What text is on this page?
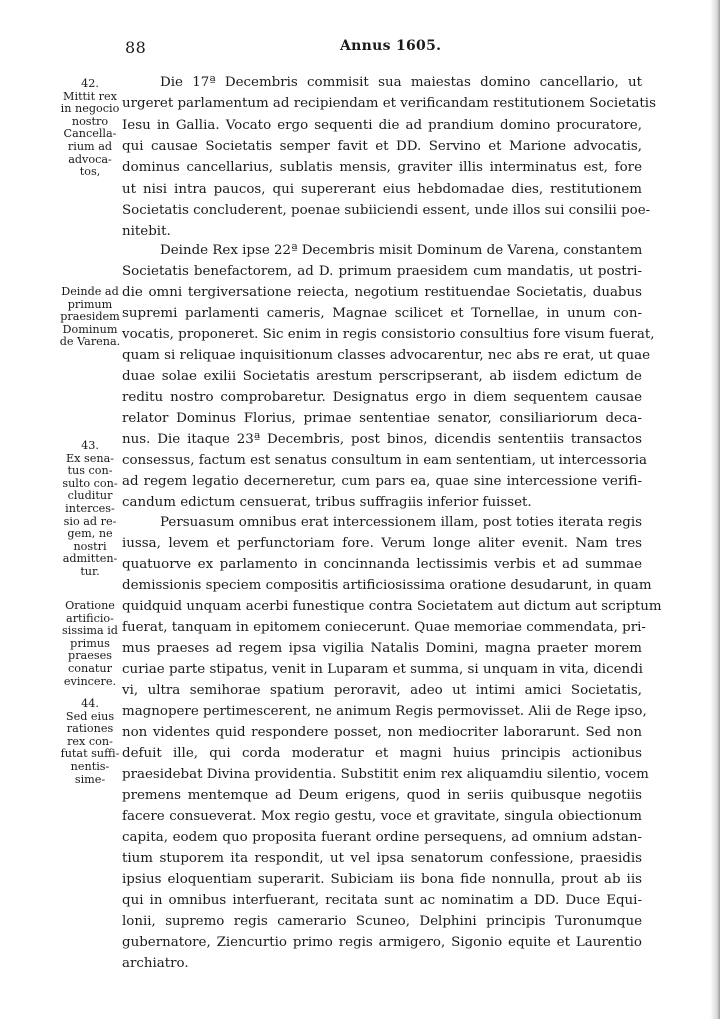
88	Annus 1605.
Die 17ª Decembris commisit sua maiestas domino cancellario, ut
urgeret parlamentum ad recipiendam et verificandam restitutionem Societatis
Iesu in Gallia. Vocato ergo sequenti die ad prandium domino procuratore,
qui causae Societatis semper favit et DD. Servino et Marione advocatis,
dominus cancellarius, sublatis mensis, graviter illis interminatus est, fore
ut nisi intra paucos, qui supererant eius hebdomadae dies, restitutionem
Societatis concluderent, poenae subiiciendi essent, unde illos sui consilii poe-
nitebit.
Deinde Rex ipse 22ª Decembris misit Dominum de Varena, constantem
Societatis benefactorem, ad D. primum praesidem cum mandatis, ut postri-
die omni tergiversatione reiecta, negotium restituendae Societatis, duabus
supremi parlamenti cameris, Magnae scilicet et Tornellae, in unum con-
vocatis, proponeret. Sic enim in regis consistorio consultius fore visum fuerat,
quam si reliquae inquisitionum classes advocarentur, nec abs re erat, ut quae
duae solae exilii Societatis arestum perscripserant, ab iisdem edictum de
reditu nostro comprobaretur. Designatus ergo in diem sequentem causae
relator Dominus Florius, primae sententiae senator, consiliariorum deca-
nus. Die itaque 23ª Decembris, post binos, dicendis sententiis transactos
consessus, factum est senatus consultum in eam sententiam, ut intercessoria
ad regem legatio decerneretur, cum pars ea, quae sine intercessione verifi-
candum edictum censuerat, tribus suffragiis inferior fuisset.
Persuasum omnibus erat intercessionem illam, post toties iterata regis
iussa, levem et perfunctoriam fore. Verum longe aliter evenit. Nam tres
quatuorve ex parlamento in concinnanda lectissimis verbis et ad summae
demissionis speciem compositis artificiosissima oratione desudarunt, in quam
quidquid unquam acerbi funestique contra Societatem aut dictum aut scriptum
fuerat, tanquam in epitomem coniecerunt. Quae memoriae commendata, pri-
mus praeses ad regem ipsa vigilia Natalis Domini, magna praeter morem
curiae parte stipatus, venit in Luparam et summa, si unquam in vita, dicendi
vi, ultra semihorae spatium peroravit, adeo ut intimi amici Societatis,
magnopere pertimescerent, ne animum Regis permovisset. Alii de Rege ipso,
non videntes quid respondere posset, non mediocriter laborarunt. Sed non
defuit ille, qui corda moderatur et magni huius principis actionibus
praesidebat Divina providentia. Substitit enim rex aliquamdiu silentio, vocem
premens mentemque ad Deum erigens, quod in seriis quibusque negotiis
facere consueverat. Mox regio gestu, voce et gravitate, singula obiectionum
capita, eodem quo proposita fuerant ordine persequens, ad omnium adstan-
tium stuporem ita respondit, ut vel ipsa senatorum confessione, praesidis
ipsius eloquentiam superarit. Subiciam iis bona fide nonnulla, prout ab iis
qui in omnibus interfuerant, recitata sunt ac nominatim a DD. Duce Equi-
lonii, supremo regis camerario Scuneo, Delphini principis Turonumque
gubernatore, Ziencurtio primo regis armigero, Sigonio equite et Laurentio
archiatro.
42.
Mittit rex
in negocio
nostro
Cancella-
rium ad
advoca-
tos,
Deinde ad
primum
praesidem
Dominum
de Varena.
43.
Ex sena-
tus con-
sulto con-
cluditur
interces-
sio ad re-
gem, ne
nostri
admitten-
tur.
Oratione
artificio-
sissima id
primus
praeses
conatur
evincere.
44.
Sed eius
rationes
rex con-
futat suffi-
nentis-
sime-
